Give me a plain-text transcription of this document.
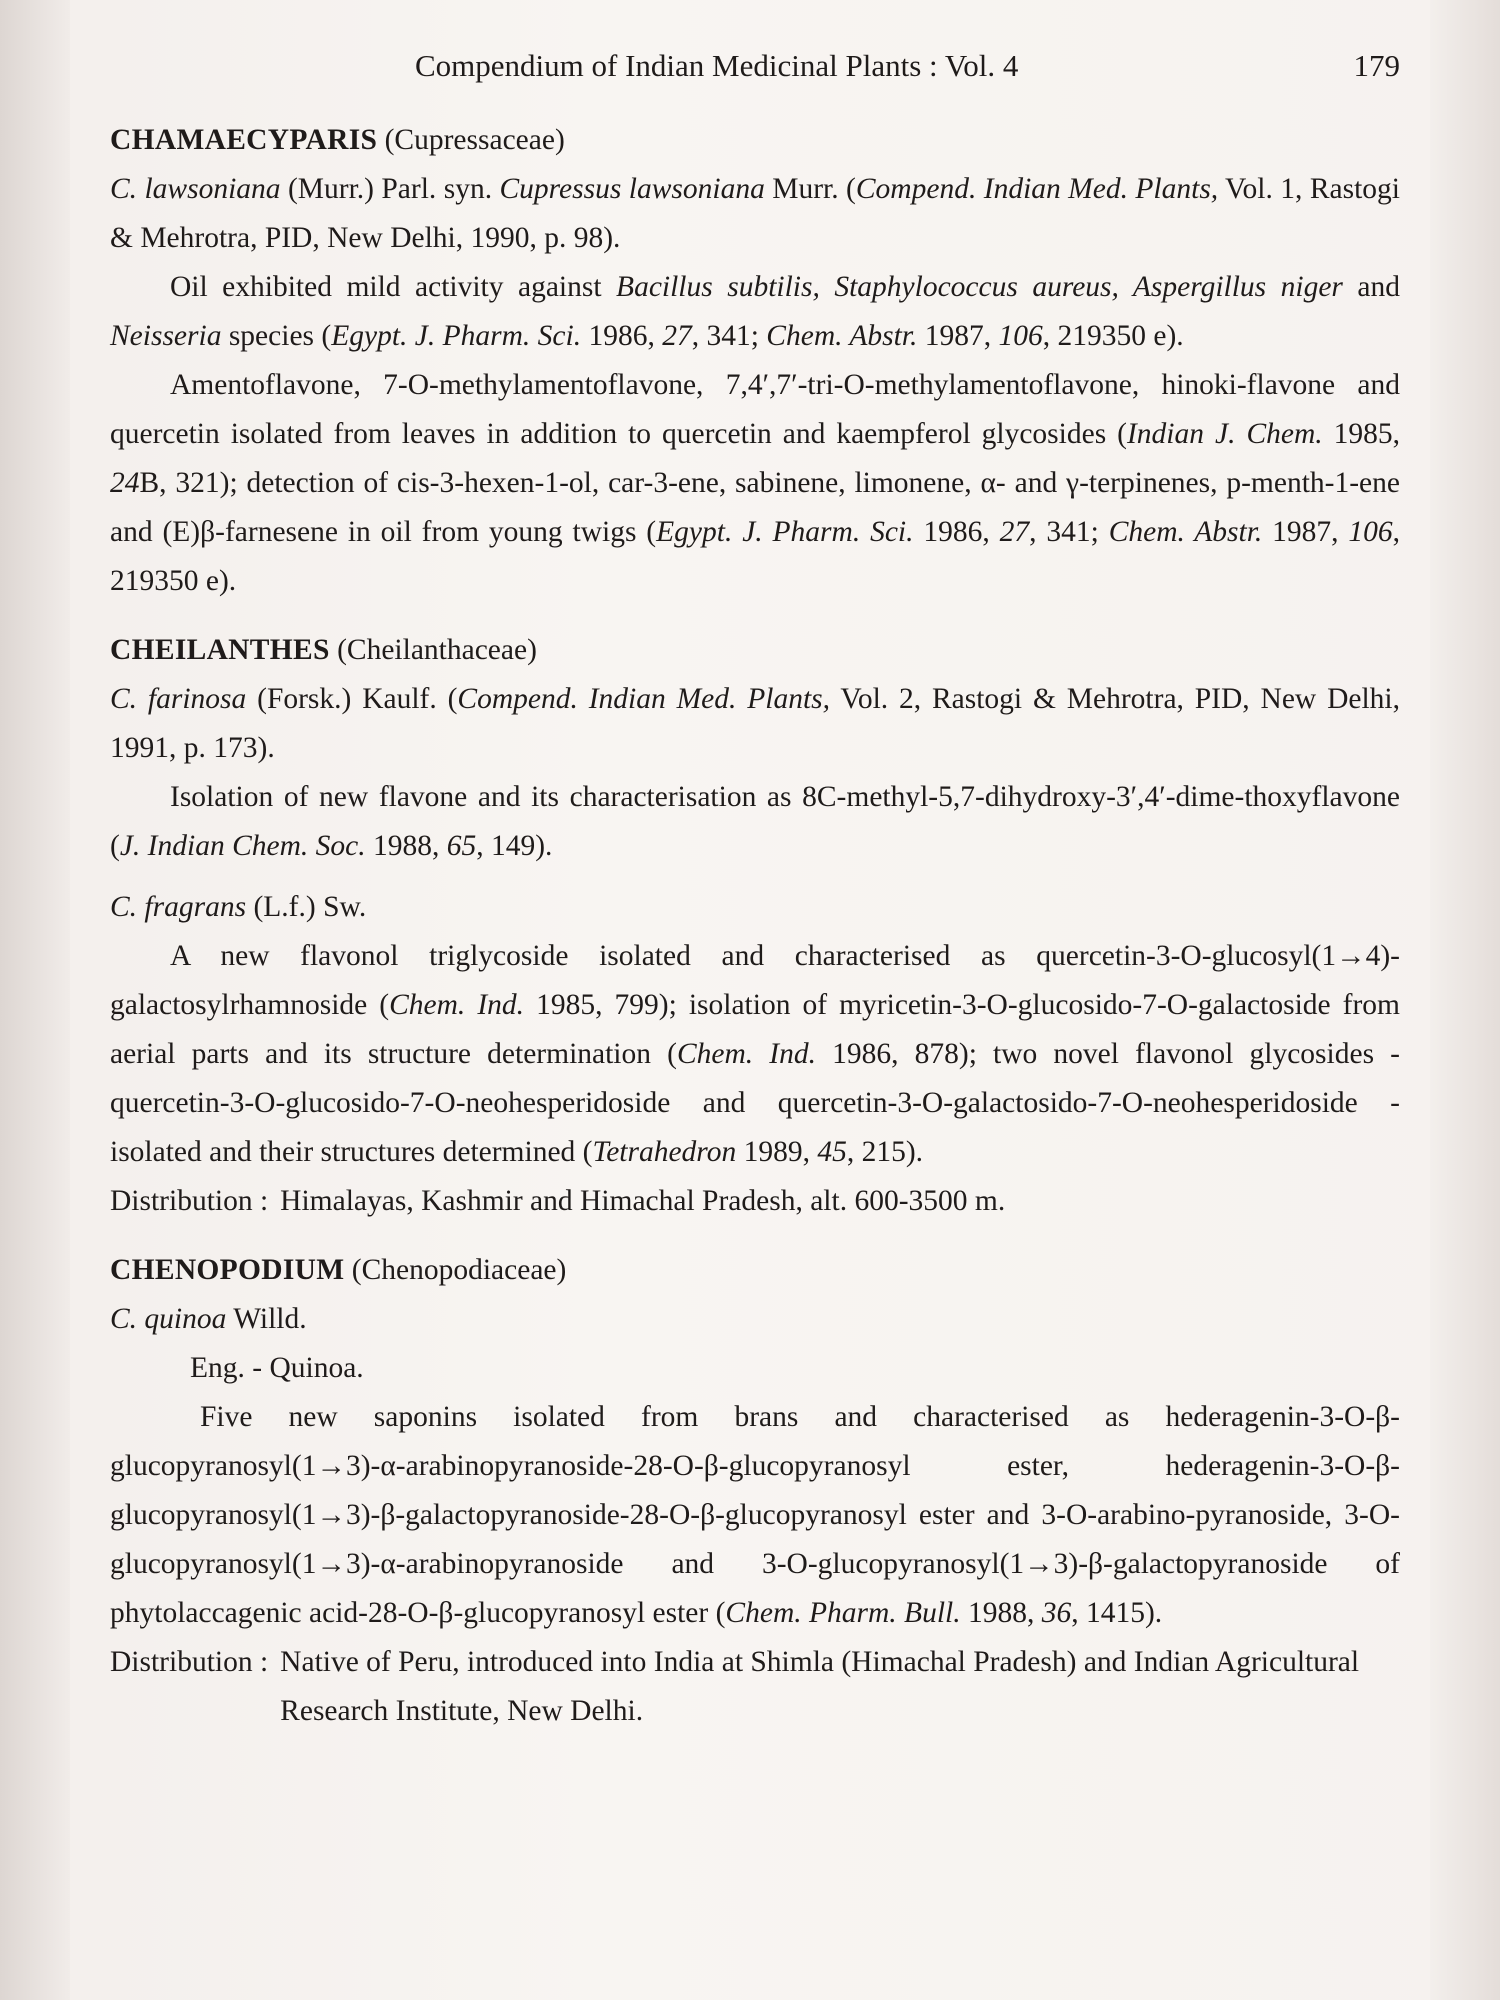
Compendium of Indian Medicinal Plants : Vol. 4	179

CHAMAECYPARIS (Cupressaceae)

C. lawsoniana (Murr.) Parl. syn. Cupressus lawsoniana Murr. (Compend. Indian Med. Plants, Vol. 1, Rastogi & Mehrotra, PID, New Delhi, 1990, p. 98).

Oil exhibited mild activity against Bacillus subtilis, Staphylococcus aureus, Aspergillus niger and Neisseria species (Egypt. J. Pharm. Sci. 1986, 27, 341; Chem. Abstr. 1987, 106, 219350 e).

Amentoflavone, 7-O-methylamentoflavone, 7,4′,7′-tri-O-methylamentoflavone, hinoki-flavone and quercetin isolated from leaves in addition to quercetin and kaempferol glycosides (Indian J. Chem. 1985, 24B, 321); detection of cis-3-hexen-1-ol, car-3-ene, sabinene, limonene, α- and γ-terpinenes, p-menth-1-ene and (E)β-farnesene in oil from young twigs (Egypt. J. Pharm. Sci. 1986, 27, 341; Chem. Abstr. 1987, 106, 219350 e).

CHEILANTHES (Cheilanthaceae)

C. farinosa (Forsk.) Kaulf. (Compend. Indian Med. Plants, Vol. 2, Rastogi & Mehrotra, PID, New Delhi, 1991, p. 173).

Isolation of new flavone and its characterisation as 8C-methyl-5,7-dihydroxy-3′,4′-dime-thoxyflavone (J. Indian Chem. Soc. 1988, 65, 149).

C. fragrans (L.f.) Sw.

A new flavonol triglycoside isolated and characterised as quercetin-3-O-glucosyl(1→4)-galactosylrhamnoside (Chem. Ind. 1985, 799); isolation of myricetin-3-O-glucosido-7-O-galactoside from aerial parts and its structure determination (Chem. Ind. 1986, 878); two novel flavonol glycosides - quercetin-3-O-glucosido-7-O-neohesperidoside and quercetin-3-O-galactosido-7-O-neohesperidoside - isolated and their structures determined (Tetrahedron 1989, 45, 215).

Distribution : Himalayas, Kashmir and Himachal Pradesh, alt. 600-3500 m.

CHENOPODIUM (Chenopodiaceae)

C. quinoa Willd.

Eng. - Quinoa.

Five new saponins isolated from brans and characterised as hederagenin-3-O-β-glucopyranosyl(1→3)-α-arabinopyranoside-28-O-β-glucopyranosyl ester, hederagenin-3-O-β-glucopyranosyl(1→3)-β-galactopyranoside-28-O-β-glucopyranosyl ester and 3-O-arabino-pyranoside, 3-O-glucopyranosyl(1→3)-α-arabinopyranoside and 3-O-glucopyranosyl(1→3)-β-galactopyranoside of phytolaccagenic acid-28-O-β-glucopyranosyl ester (Chem. Pharm. Bull. 1988, 36, 1415).

Distribution : Native of Peru, introduced into India at Shimla (Himachal Pradesh) and Indian Agricultural Research Institute, New Delhi.
